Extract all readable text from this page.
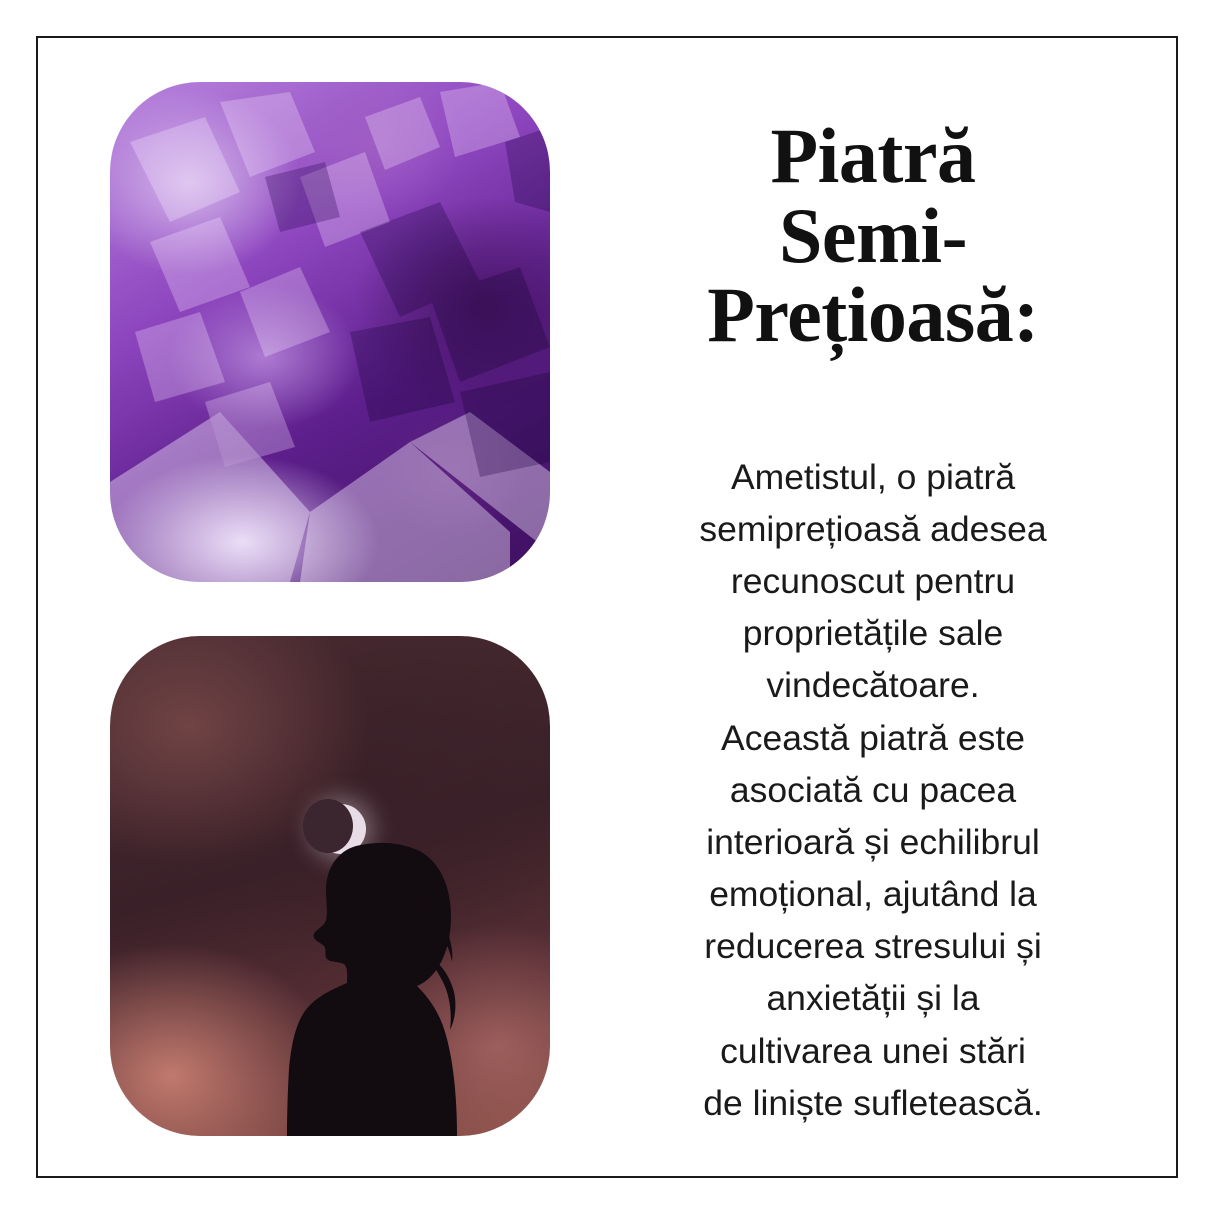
Piatră
Semi-
Prețioasă:
Ametistul, o piatră
semiprețioasă adesea
recunoscut pentru
proprietățile sale
vindecătoare.
Această piatră este
asociată cu pacea
interioară și echilibrul
emoțional, ajutând la
reducerea stresului și
anxietății și la
cultivarea unei stări
de liniște sufletească.
